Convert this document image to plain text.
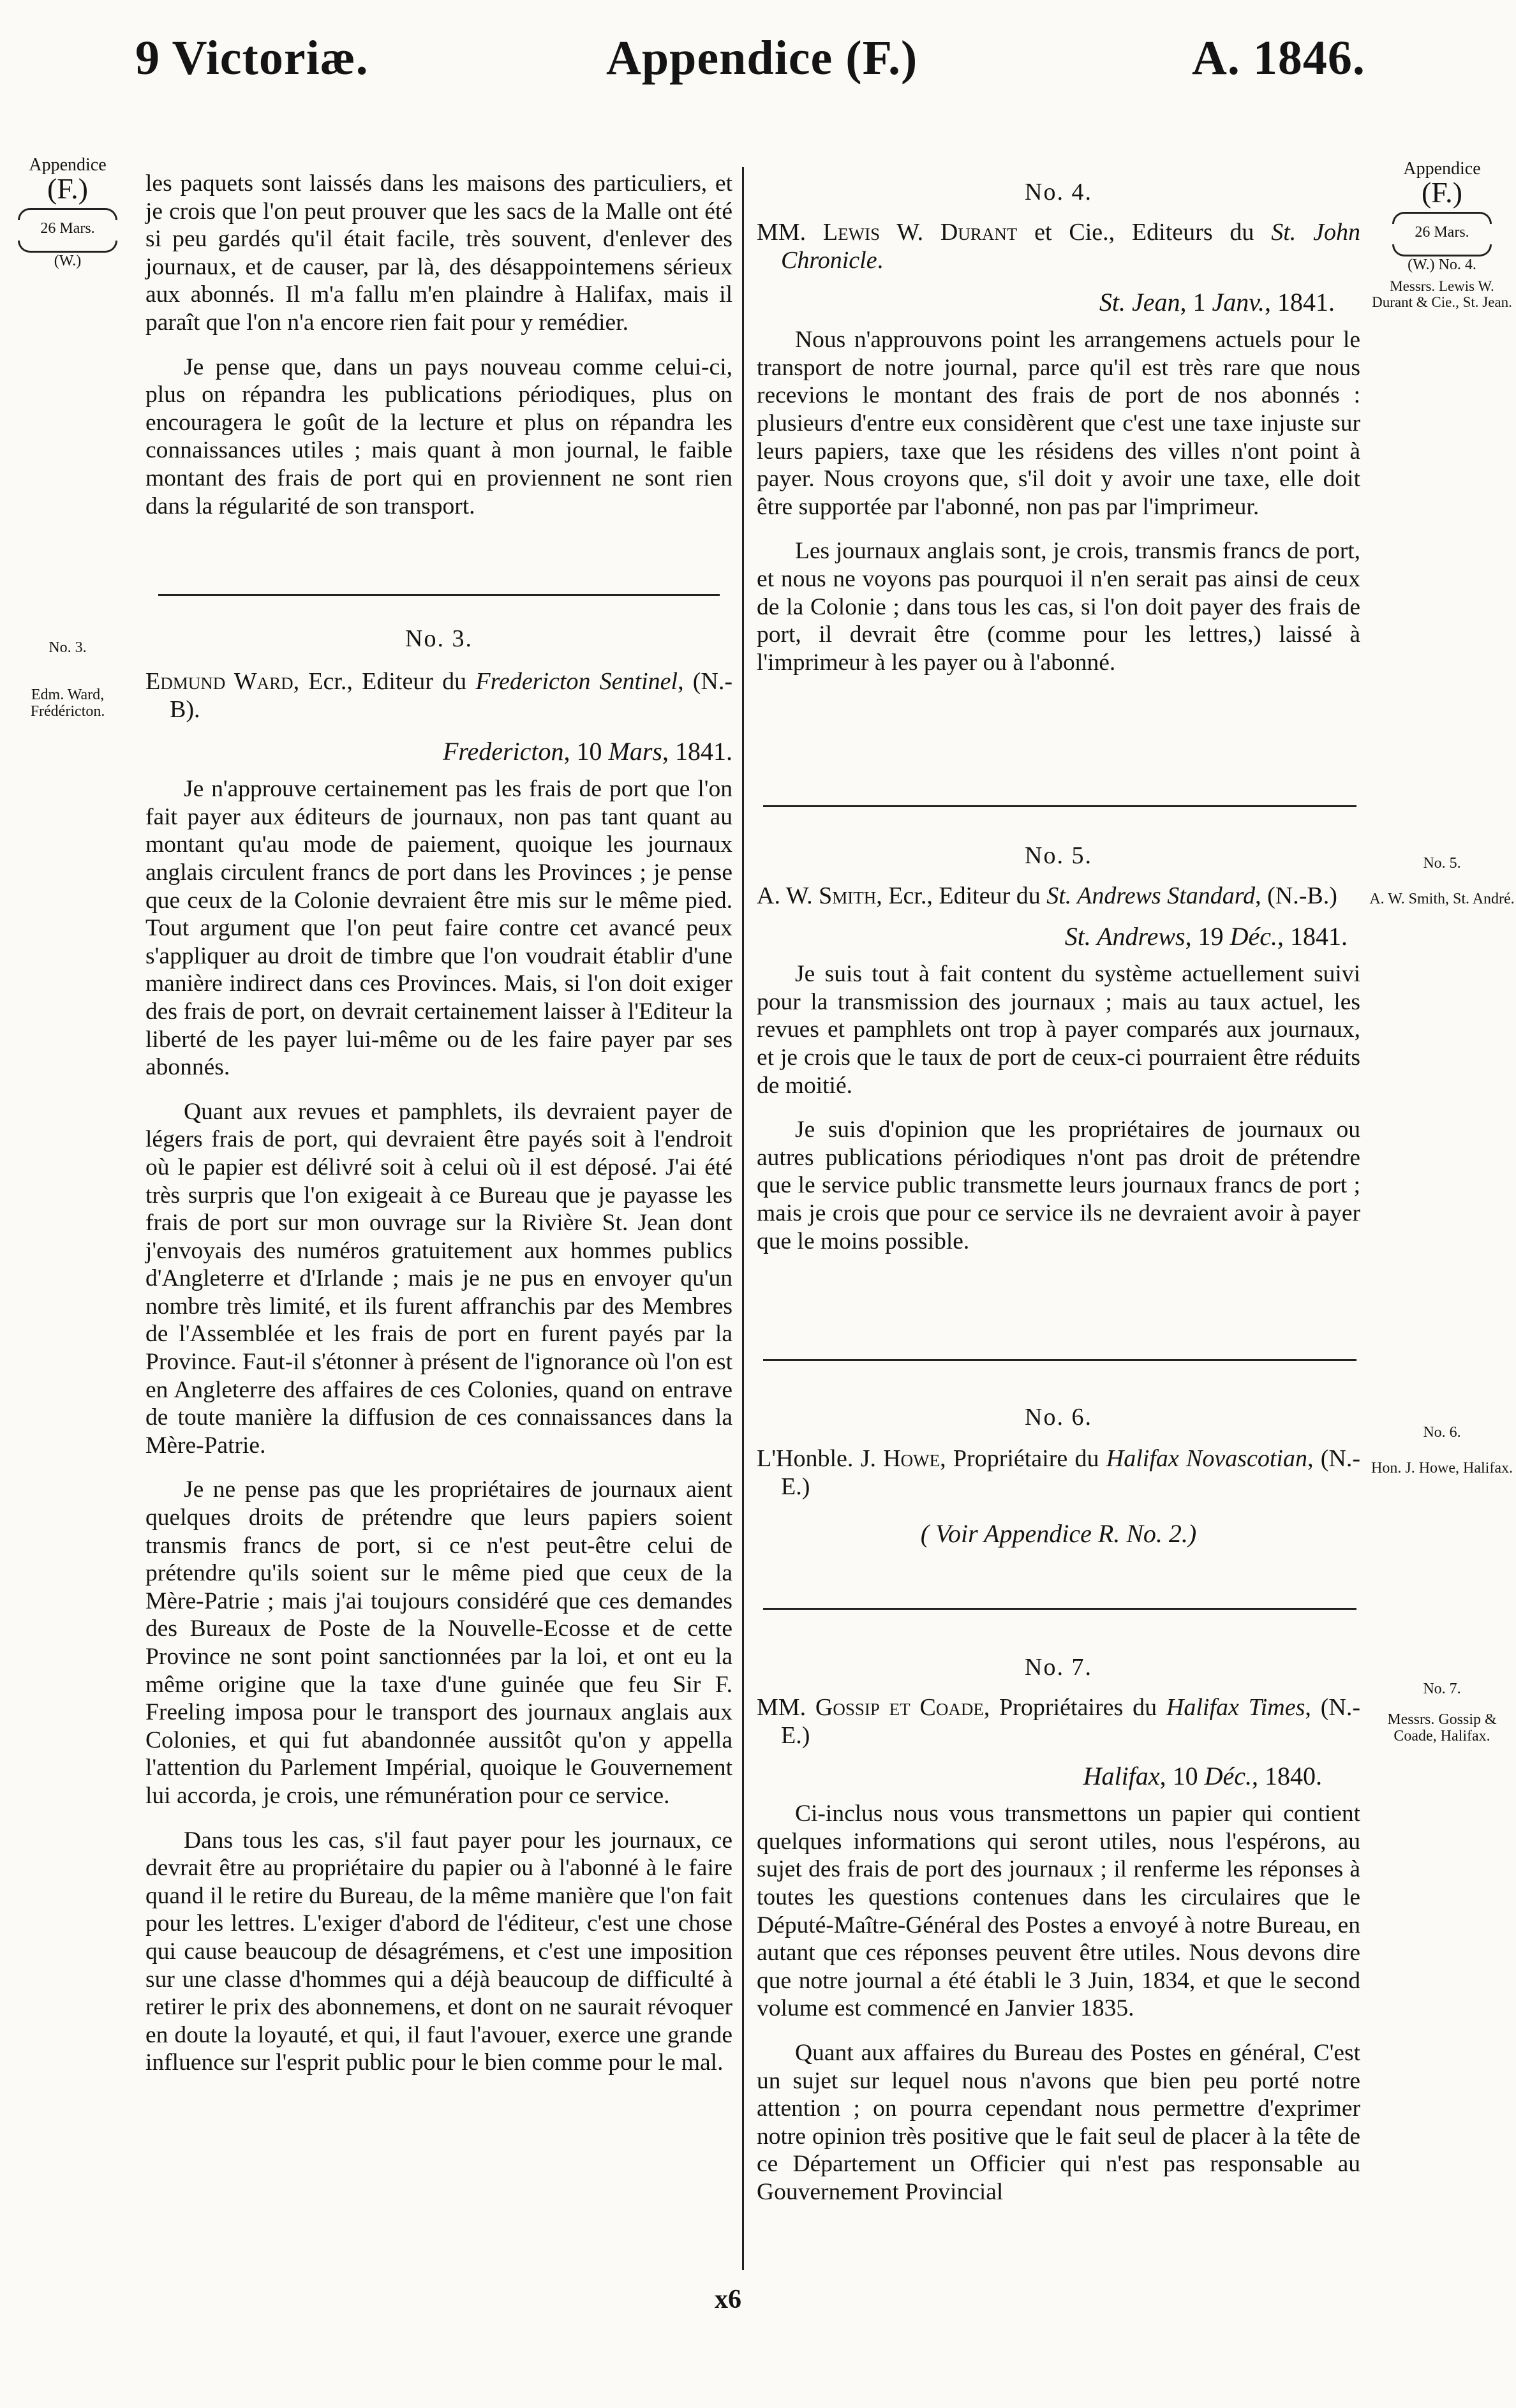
9 Victoriæ.	Appendice (F.)	A. 1846.
Appendice
(F.)
26 Mars.
(W.)
No. 3.
Edm. Ward,
Frédéricton.
Appendice
(F.)
26 Mars.
(W.) No. 4.
Messrs. Lewis W. Durant & Cie., St. Jean.
No. 5.
A. W. Smith, St. André.
No. 6.
Hon. J. Howe, Halifax.
No. 7.
Messrs. Gossip & Coade, Halifax.

les paquets sont laissés dans les maisons des particuliers, et je crois que l'on peut prouver que les sacs de la Malle ont été si peu gardés qu'il était facile, très souvent, d'enlever des journaux, et de causer, par là, des désappointemens sérieux aux abonnés. Il m'a fallu m'en plaindre à Halifax, mais il paraît que l'on n'a encore rien fait pour y remédier.

Je pense que, dans un pays nouveau comme celui-ci, plus on répandra les publications périodiques, plus on encouragera le goût de la lecture et plus on répandra les connaissances utiles ; mais quant à mon journal, le faible montant des frais de port qui en proviennent ne sont rien dans la régularité de son transport.

No. 3.
Edmund Ward, Ecr., Editeur du Fredericton Sentinel, (N.-B).
Fredericton, 10 Mars, 1841.

Je n'approuve certainement pas les frais de port que l'on fait payer aux éditeurs de journaux, non pas tant quant au montant qu'au mode de paiement, quoique les journaux anglais circulent francs de port dans les Provinces ; je pense que ceux de la Colonie devraient être mis sur le même pied. Tout argument que l'on peut faire contre cet avancé peux s'appliquer au droit de timbre que l'on voudrait établir d'une manière indirect dans ces Provinces. Mais, si l'on doit exiger des frais de port, on devrait certainement laisser à l'Editeur la liberté de les payer lui-même ou de les faire payer par ses abonnés.

Quant aux revues et pamphlets, ils devraient payer de légers frais de port, qui devraient être payés soit à l'endroit où le papier est délivré soit à celui où il est déposé. J'ai été très surpris que l'on exigeait à ce Bureau que je payasse les frais de port sur mon ouvrage sur la Rivière St. Jean dont j'envoyais des numéros gratuitement aux hommes publics d'Angleterre et d'Irlande ; mais je ne pus en envoyer qu'un nombre très limité, et ils furent affranchis par des Membres de l'Assemblée et les frais de port en furent payés par la Province. Faut-il s'étonner à présent de l'ignorance où l'on est en Angleterre des affaires de ces Colonies, quand on entrave de toute manière la diffusion de ces connaissances dans la Mère-Patrie.

Je ne pense pas que les propriétaires de journaux aient quelques droits de prétendre que leurs papiers soient transmis francs de port, si ce n'est peut-être celui de prétendre qu'ils soient sur le même pied que ceux de la Mère-Patrie ; mais j'ai toujours considéré que ces demandes des Bureaux de Poste de la Nouvelle-Ecosse et de cette Province ne sont point sanctionnées par la loi, et ont eu la même origine que la taxe d'une guinée que feu Sir F. Freeling imposa pour le transport des journaux anglais aux Colonies, et qui fut abandonnée aussitôt qu'on y appella l'attention du Parlement Impérial, quoique le Gouvernement lui accorda, je crois, une rémunération pour ce service.

Dans tous les cas, s'il faut payer pour les journaux, ce devrait être au propriétaire du papier ou à l'abonné à le faire quand il le retire du Bureau, de la même manière que l'on fait pour les lettres. L'exiger d'abord de l'éditeur, c'est une chose qui cause beaucoup de désagrémens, et c'est une imposition sur une classe d'hommes qui a déjà beaucoup de difficulté à retirer le prix des abonnemens, et dont on ne saurait révoquer en doute la loyauté, et qui, il faut l'avouer, exerce une grande influence sur l'esprit public pour le bien comme pour le mal.

No. 4.
MM. Lewis W. Durant et Cie., Editeurs du St. John Chronicle.
St. Jean, 1 Janv., 1841.

Nous n'approuvons point les arrangemens actuels pour le transport de notre journal, parce qu'il est très rare que nous recevions le montant des frais de port de nos abonnés : plusieurs d'entre eux considèrent que c'est une taxe injuste sur leurs papiers, taxe que les résidens des villes n'ont point à payer. Nous croyons que, s'il doit y avoir une taxe, elle doit être supportée par l'abonné, non pas par l'imprimeur.

Les journaux anglais sont, je crois, transmis francs de port, et nous ne voyons pas pourquoi il n'en serait pas ainsi de ceux de la Colonie ; dans tous les cas, si l'on doit payer des frais de port, il devrait être (comme pour les lettres,) laissé à l'imprimeur à les payer ou à l'abonné.

No. 5.
A. W. Smith, Ecr., Editeur du St. Andrews Standard, (N.-B.)
St. Andrews, 19 Déc., 1841.

Je suis tout à fait content du système actuellement suivi pour la transmission des journaux ; mais au taux actuel, les revues et pamphlets ont trop à payer comparés aux journaux, et je crois que le taux de port de ceux-ci pourraient être réduits de moitié.

Je suis d'opinion que les propriétaires de journaux ou autres publications périodiques n'ont pas droit de prétendre que le service public transmette leurs journaux francs de port ; mais je crois que pour ce service ils ne devraient avoir à payer que le moins possible.

No. 6.
L'Honble. J. Howe, Propriétaire du Halifax Novascotian, (N.-E.)
( Voir Appendice R. No. 2.)
No. 7.
MM. Gossip et Coade, Propriétaires du Halifax Times, (N.-E.)
Halifax, 10 Déc., 1840.

Ci-inclus nous vous transmettons un papier qui contient quelques informations qui seront utiles, nous l'espérons, au sujet des frais de port des journaux ; il renferme les réponses à toutes les questions contenues dans les circulaires que le Député-Maître-Général des Postes a envoyé à notre Bureau, en autant que ces réponses peuvent être utiles. Nous devons dire que notre journal a été établi le 3 Juin, 1834, et que le second volume est commencé en Janvier 1835.

Quant aux affaires du Bureau des Postes en général, C'est un sujet sur lequel nous n'avons que bien peu porté notre attention ; on pourra cependant nous permettre d'exprimer notre opinion très positive que le fait seul de placer à la tête de ce Département un Officier qui n'est pas responsable au Gouvernement Provincial

x6
